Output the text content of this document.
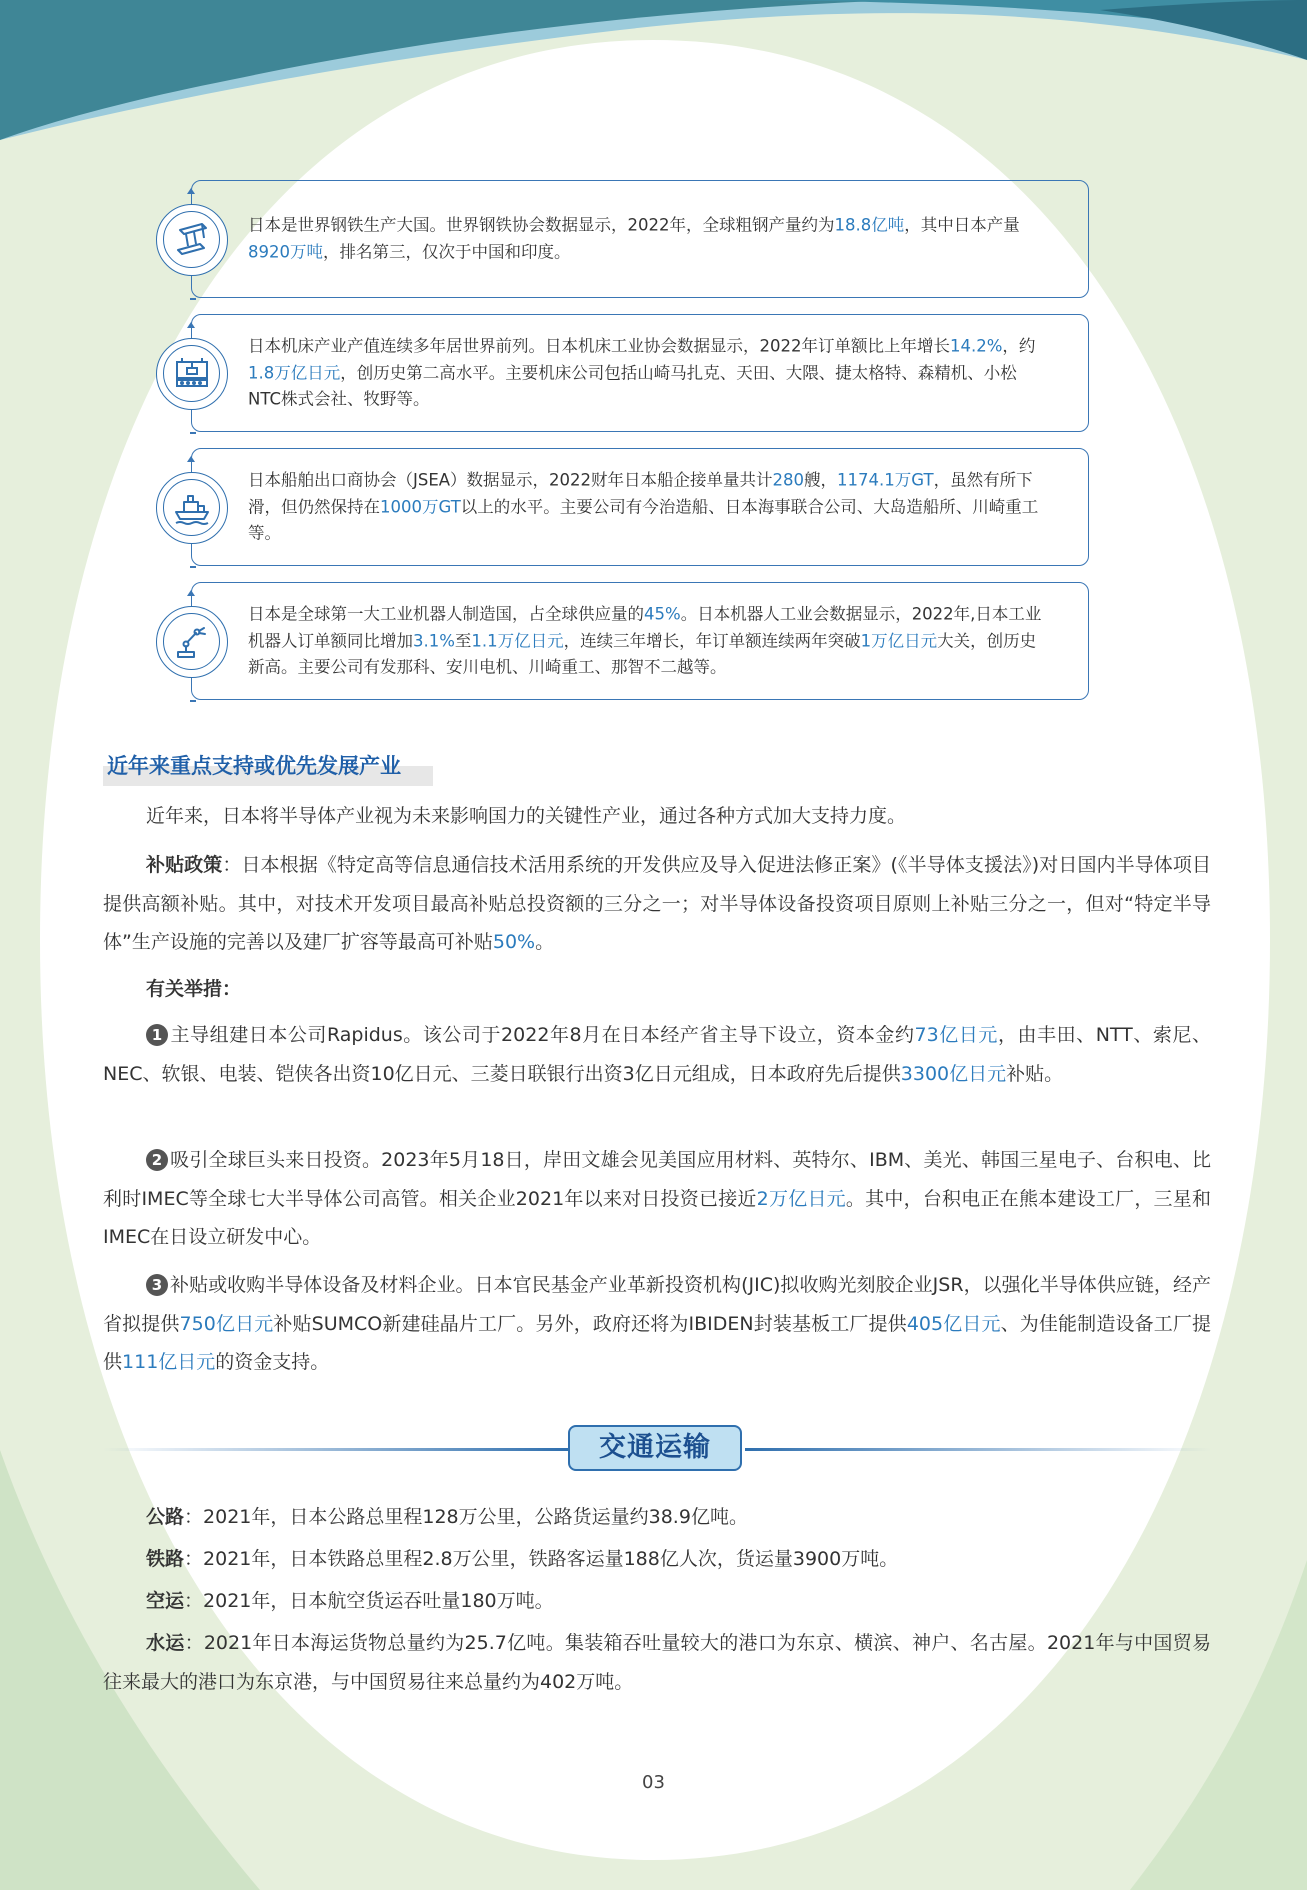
日本是世界钢铁生产大国。世界钢铁协会数据显示，2022年，全球粗钢产量约为18.8亿吨，其中日本产量8920万吨，排名第三，仅次于中国和印度。
日本机床产业产值连续多年居世界前列。日本机床工业协会数据显示，2022年订单额比上年增长14.2%，约1.8万亿日元，创历史第二高水平。主要机床公司包括山崎马扎克、天田、大隈、捷太格特、森精机、小松 NTC株式会社、牧野等。
日本船舶出口商协会（JSEA）数据显示，2022财年日本船企接单量共计280艘，1174.1万GT，虽然有所下滑，但仍然保持在1000万GT以上的水平。主要公司有今治造船、日本海事联合公司、大岛造船所、川崎重工等。
日本是全球第一大工业机器人制造国，占全球供应量的45%。日本机器人工业会数据显示，2022年,日本工业机器人订单额同比增加3.1%至1.1万亿日元，连续三年增长，年订单额连续两年突破1万亿日元大关，创历史新高。主要公司有发那科、安川电机、川崎重工、那智不二越等。
近年来重点支持或优先发展产业
近年来，日本将半导体产业视为未来影响国力的关键性产业，通过各种方式加大支持力度。
补贴政策：日本根据《特定高等信息通信技术活用系统的开发供应及导入促进法修正案》(《半导体支援法》)对日国内半导体项目提供高额补贴。其中，对技术开发项目最高补贴总投资额的三分之一；对半导体设备投资项目原则上补贴三分之一，但对“特定半导体”生产设施的完善以及建厂扩容等最高可补贴50%。
有关举措：
1 主导组建日本公司Rapidus。该公司于2022年8月在日本经产省主导下设立，资本金约73亿日元，由丰田、NTT、索尼、NEC、软银、电装、铠侠各出资10亿日元、三菱日联银行出资3亿日元组成，日本政府先后提供3300亿日元补贴。
2 吸引全球巨头来日投资。2023年5月18日，岸田文雄会见美国应用材料、英特尔、IBM、美光、韩国三星电子、台积电、比利时IMEC等全球七大半导体公司高管。相关企业2021年以来对日投资已接近2万亿日元。其中，台积电正在熊本建设工厂，三星和IMEC在日设立研发中心。
3 补贴或收购半导体设备及材料企业。日本官民基金产业革新投资机构(JIC)拟收购光刻胶企业JSR，以强化半导体供应链，经产省拟提供750亿日元补贴SUMCO新建硅晶片工厂。另外，政府还将为IBIDEN封装基板工厂提供405亿日元、为佳能制造设备工厂提供111亿日元的资金支持。
交通运输
公路：2021年，日本公路总里程128万公里，公路货运量约38.9亿吨。
铁路：2021年，日本铁路总里程2.8万公里，铁路客运量188亿人次，货运量3900万吨。
空运：2021年，日本航空货运吞吐量180万吨。
水运：2021年日本海运货物总量约为25.7亿吨。集装箱吞吐量较大的港口为东京、横滨、神户、名古屋。2021年与中国贸易往来最大的港口为东京港，与中国贸易往来总量约为402万吨。
03
